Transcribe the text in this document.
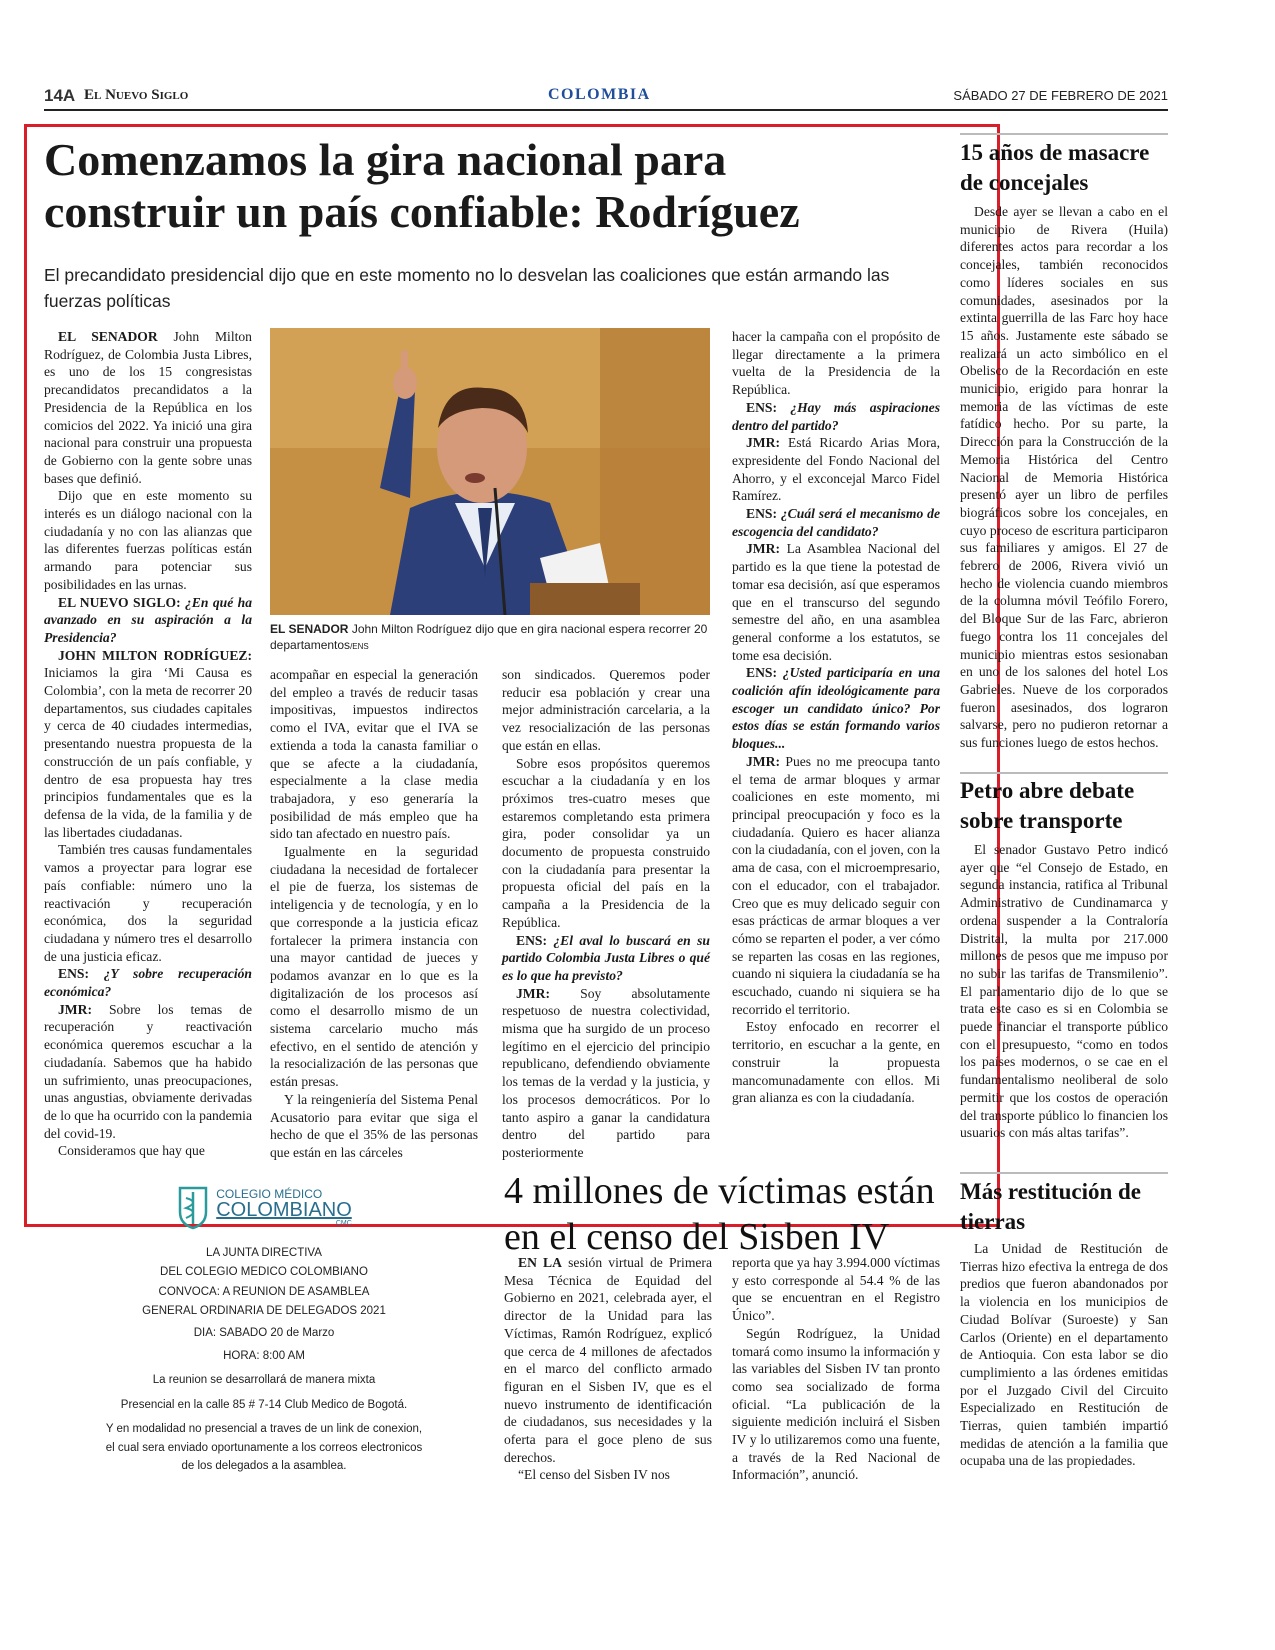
14A El Nuevo Siglo	COLOMBIA	SÁBADO 27 DE FEBRERO DE 2021
Comenzamos la gira nacional para
construir un país confiable: Rodríguez
El precandidato presidencial dijo que en este momento no lo desvelan las coaliciones que están armando las fuerzas políticas

EL SENADOR John Milton Rodríguez, de Colombia Justa Libres, es uno de los 15 congresistas precandidatos precandidatos a la Presidencia de la República en los comicios del 2022. Ya inició una gira nacional para construir una propuesta de Gobierno con la gente sobre unas bases que definió.

Dijo que en este momento su interés es un diálogo nacional con la ciudadanía y no con las alianzas que las diferentes fuerzas políticas están armando para potenciar sus posibilidades en las urnas.

EL NUEVO SIGLO: ¿En qué ha avanzado en su aspiración a la Presidencia?

JOHN MILTON RODRÍGUEZ: Iniciamos la gira ‘Mi Causa es Colombia’, con la meta de recorrer 20 departamentos, sus ciudades capitales y cerca de 40 ciudades intermedias, presentando nuestra propuesta de la construcción de un país confiable, y dentro de esa propuesta hay tres principios fundamentales que es la defensa de la vida, de la familia y de las libertades ciudadanas.

También tres causas fundamentales vamos a proyectar para lograr ese país confiable: número uno la reactivación y recuperación económica, dos la seguridad ciudadana y número tres el desarrollo de una justicia eficaz.

ENS: ¿Y sobre recuperación económica?

JMR: Sobre los temas de recuperación y reactivación económica queremos escuchar a la ciudadanía. Sabemos que ha habido un sufrimiento, unas preocupaciones, unas angustias, obviamente derivadas de lo que ha ocurrido con la pandemia del covid-19.

Consideramos que hay que

EL SENADOR John Milton Rodríguez dijo que en gira nacional espera recorrer 20 departamentos/ENS

acompañar en especial la generación del empleo a través de reducir tasas impositivas, impuestos indirectos como el IVA, evitar que el IVA se extienda a toda la canasta familiar o que se afecte a la ciudadanía, especialmente a la clase media trabajadora, y eso generaría la posibilidad de más empleo que ha sido tan afectado en nuestro país.

Igualmente en la seguridad ciudadana la necesidad de fortalecer el pie de fuerza, los sistemas de inteligencia y de tecnología, y en lo que corresponde a la justicia eficaz fortalecer la primera instancia con una mayor cantidad de jueces y podamos avanzar en lo que es la digitalización de los procesos así como el desarrollo mismo de un sistema carcelario mucho más efectivo, en el sentido de atención y la resocialización de las personas que están presas.

Y la reingeniería del Sistema Penal Acusatorio para evitar que siga el hecho de que el 35% de las personas que están en las cárceles

son sindicados. Queremos poder reducir esa población y crear una mejor administración carcelaria, a la vez resocialización de las personas que están en ellas.

Sobre esos propósitos queremos escuchar a la ciudadanía y en los próximos tres-cuatro meses que estaremos completando esta primera gira, poder consolidar ya un documento de propuesta construido con la ciudadanía para presentar la propuesta oficial del país en la campaña a la Presidencia de la República.

ENS: ¿El aval lo buscará en su partido Colombia Justa Libres o qué es lo que ha previsto?

JMR: Soy absolutamente respetuoso de nuestra colectividad, misma que ha surgido de un proceso legítimo en el ejercicio del principio republicano, defendiendo obviamente los temas de la verdad y la justicia, y los procesos democráticos. Por lo tanto aspiro a ganar la candidatura dentro del partido para posteriormente

hacer la campaña con el propósito de llegar directamente a la primera vuelta de la Presidencia de la República.

ENS: ¿Hay más aspiraciones dentro del partido?

JMR: Está Ricardo Arias Mora, expresidente del Fondo Nacional del Ahorro, y el exconcejal Marco Fidel Ramírez.

ENS: ¿Cuál será el mecanismo de escogencia del candidato?

JMR: La Asamblea Nacional del partido es la que tiene la potestad de tomar esa decisión, así que esperamos que en el transcurso del segundo semestre del año, en una asamblea general conforme a los estatutos, se tome esa decisión.

ENS: ¿Usted participaría en una coalición afín ideológicamente para escoger un candidato único? Por estos días se están formando varios bloques...

JMR: Pues no me preocupa tanto el tema de armar bloques y armar coaliciones en este momento, mi principal preocupación y foco es la ciudadanía. Quiero es hacer alianza con la ciudadanía, con el joven, con la ama de casa, con el microempresario, con el educador, con el trabajador. Creo que es muy delicado seguir con esas prácticas de armar bloques a ver cómo se reparten el poder, a ver cómo se reparten las cosas en las regiones, cuando ni siquiera la ciudadanía se ha escuchado, cuando ni siquiera se ha recorrido el territorio.

Estoy enfocado en recorrer el territorio, en escuchar a la gente, en construir la propuesta mancomunadamente con ellos. Mi gran alianza es con la ciudadanía.

15 años de masacre de concejales

Desde ayer se llevan a cabo en el municipio de Rivera (Huila) diferentes actos para recordar a los concejales, también reconocidos como líderes sociales en sus comunidades, asesinados por la extinta guerrilla de las Farc hoy hace 15 años. Justamente este sábado se realizará un acto simbólico en el Obelisco de la Recordación en este municipio, erigido para honrar la memoria de las víctimas de este fatídico hecho. Por su parte, la Dirección para la Construcción de la Memoria Histórica del Centro Nacional de Memoria Histórica presentó ayer un libro de perfiles biográficos sobre los concejales, en cuyo proceso de escritura participaron sus familiares y amigos. El 27 de febrero de 2006, Rivera vivió un hecho de violencia cuando miembros de la columna móvil Teófilo Forero, del Bloque Sur de las Farc, abrieron fuego contra los 11 concejales del municipio mientras estos sesionaban en uno de los salones del hotel Los Gabrieles. Nueve de los corporados fueron asesinados, dos lograron salvarse, pero no pudieron retornar a sus funciones luego de estos hechos.

Petro abre debate sobre transporte

El senador Gustavo Petro indicó ayer que “el Consejo de Estado, en segunda instancia, ratifica al Tribunal Administrativo de Cundinamarca y ordena suspender a la Contraloría Distrital, la multa por 217.000 millones de pesos que me impuso por no subir las tarifas de Transmilenio”. El parlamentario dijo de lo que se trata este caso es si en Colombia se puede financiar el transporte público con el presupuesto, “como en todos los países modernos, o se cae en el fundamentalismo neoliberal de solo permitir que los costos de operación del transporte público lo financien los usuarios con más altas tarifas”.

Más restitución de tierras

La Unidad de Restitución de Tierras hizo efectiva la entrega de dos predios que fueron abandonados por la violencia en los municipios de Ciudad Bolívar (Suroeste) y San Carlos (Oriente) en el departamento de Antioquia. Con esta labor se dio cumplimiento a las órdenes emitidas por el Juzgado Civil del Circuito Especializado en Restitución de Tierras, quien también impartió medidas de atención a la familia que ocupaba una de las propiedades.

4 millones de víctimas están
en el censo del Sisben IV

EN LA sesión virtual de Primera Mesa Técnica de Equidad del Gobierno en 2021, celebrada ayer, el director de la Unidad para las Víctimas, Ramón Rodríguez, explicó que cerca de 4 millones de afectados en el marco del conflicto armado figuran en el Sisben IV, que es el nuevo instrumento de identificación de ciudadanos, sus necesidades y la oferta para el goce pleno de sus derechos.

“El censo del Sisben IV nos

reporta que ya hay 3.994.000 víctimas y esto corresponde al 54.4 % de las que se encuentran en el Registro Único”.

Según Rodríguez, la Unidad tomará como insumo la información y las variables del Sisben IV tan pronto como sea socializado de forma oficial. “La publicación de la siguiente medición incluirá el Sisben IV y lo utilizaremos como una fuente, a través de la Red Nacional de Información”, anunció.

COLEGIO MÉDICO
COLOMBIANO
CMC
LA JUNTA DIRECTIVA
DEL COLEGIO MEDICO COLOMBIANO
CONVOCA: A REUNION DE ASAMBLEA
GENERAL ORDINARIA DE DELEGADOS 2021
DIA: SABADO 20 de Marzo
HORA: 8:00 AM
La reunion se desarrollará de manera mixta
Presencial en la calle 85 # 7-14 Club Medico de Bogotá.
Y en modalidad no presencial a traves de un link de conexion,
el cual sera enviado oportunamente a los correos electronicos
de los delegados a la asamblea.
